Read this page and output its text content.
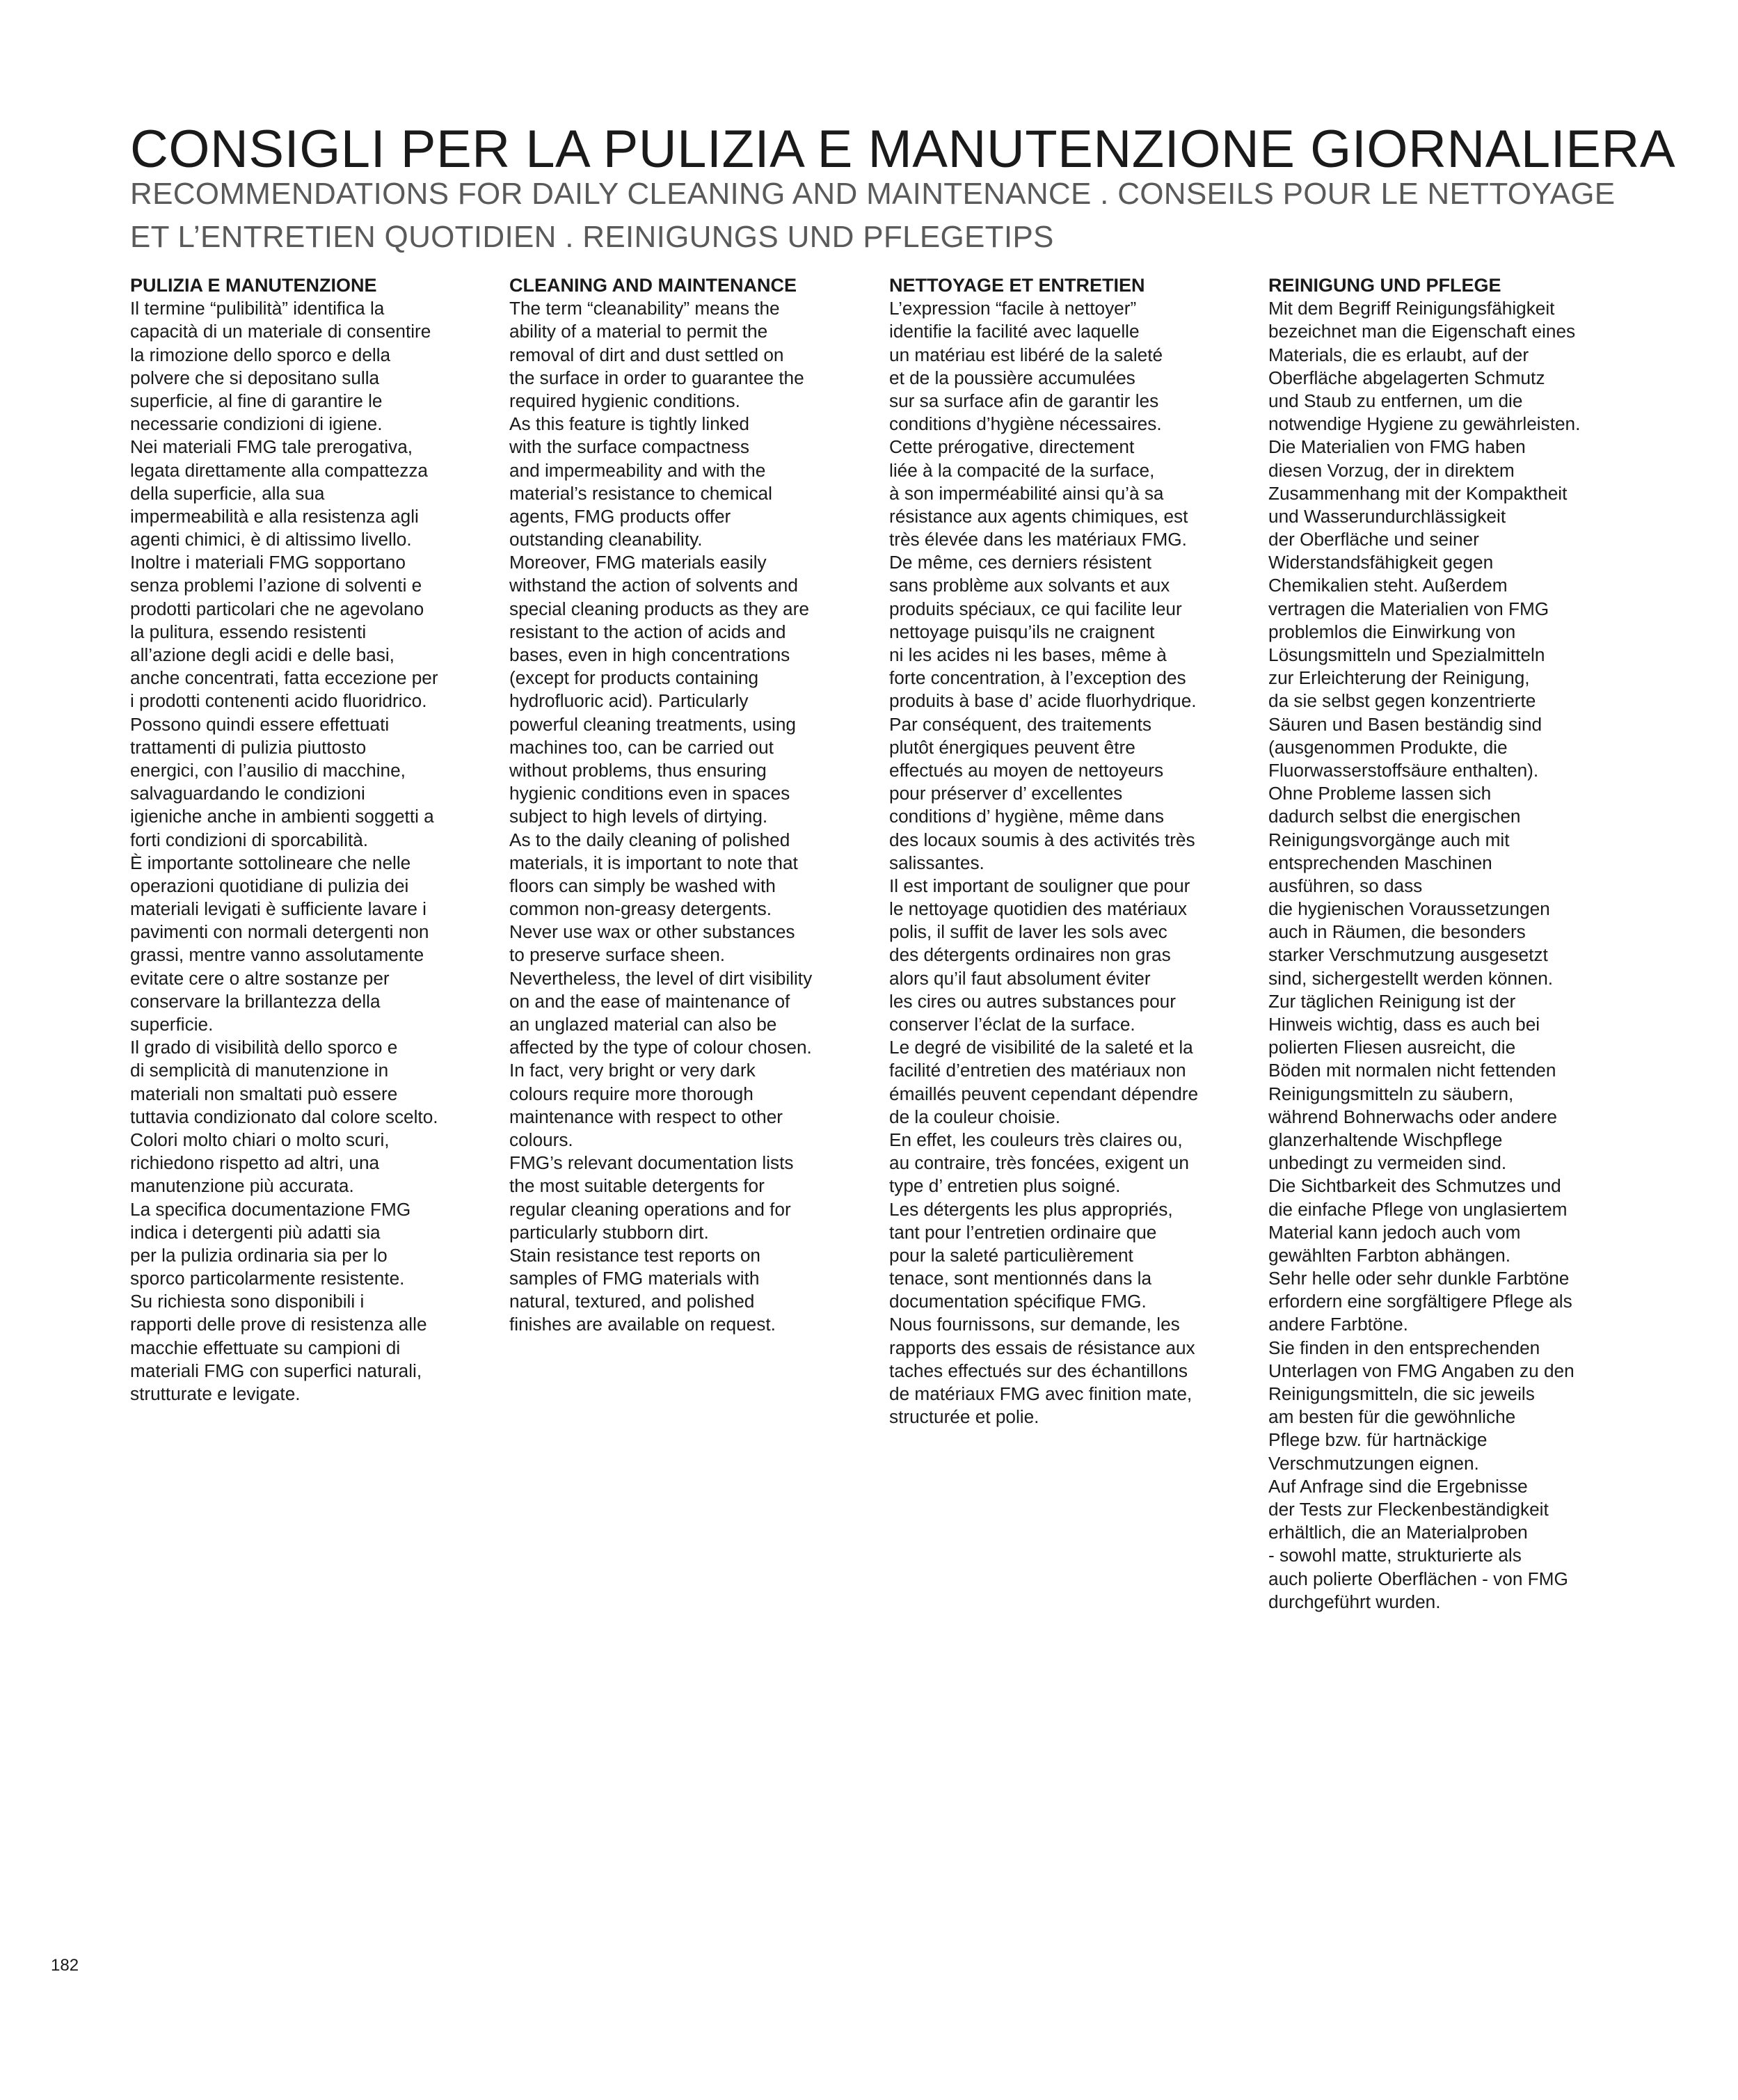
CONSIGLI PER LA PULIZIA E MANUTENZIONE GIORNALIERA
RECOMMENDATIONS FOR DAILY CLEANING AND MAINTENANCE . CONSEILS POUR LE NETTOYAGE
ET L’ENTRETIEN QUOTIDIEN . REINIGUNGS UND PFLEGETIPS
PULIZIA E MANUTENZIONE
Il termine “pulibilità” identifica la
capacità di un materiale di consentire
la rimozione dello sporco e della
polvere che si depositano sulla
superficie, al fine di garantire le
necessarie condizioni di igiene.
Nei materiali FMG tale prerogativa,
legata direttamente alla compattezza
della superficie, alla sua
impermeabilità e alla resistenza agli
agenti chimici, è di altissimo livello.
Inoltre i materiali FMG sopportano
senza problemi l’azione di solventi e
prodotti particolari che ne agevolano
la pulitura, essendo resistenti
all’azione degli acidi e delle basi,
anche concentrati, fatta eccezione per
i prodotti contenenti acido fluoridrico.
Possono quindi essere effettuati
trattamenti di pulizia piuttosto
energici, con l’ausilio di macchine,
salvaguardando le condizioni
igieniche anche in ambienti soggetti a
forti condizioni di sporcabilità.
È importante sottolineare che nelle
operazioni quotidiane di pulizia dei
materiali levigati è sufficiente lavare i
pavimenti con normali detergenti non
grassi, mentre vanno assolutamente
evitate cere o altre sostanze per
conservare la brillantezza della
superficie.
Il grado di visibilità dello sporco e
di semplicità di manutenzione in
materiali non smaltati può essere
tuttavia condizionato dal colore scelto.
Colori molto chiari o molto scuri,
richiedono rispetto ad altri, una
manutenzione più accurata.
La specifica documentazione FMG
indica i detergenti più adatti sia
per la pulizia ordinaria sia per lo
sporco particolarmente resistente.
Su richiesta sono disponibili i
rapporti delle prove di resistenza alle
macchie effettuate su campioni di
materiali FMG con superfici naturali,
strutturate e levigate.
CLEANING AND MAINTENANCE
The term “cleanability” means the
ability of a material to permit the
removal of dirt and dust settled on
the surface in order to guarantee the
required hygienic conditions.
As this feature is tightly linked
with the surface compactness
and impermeability and with the
material’s resistance to chemical
agents, FMG products offer
outstanding cleanability.
Moreover, FMG materials easily
withstand the action of solvents and
special cleaning products as they are
resistant to the action of acids and
bases, even in high concentrations
(except for products containing
hydrofluoric acid). Particularly
powerful cleaning treatments, using
machines too, can be carried out
without problems, thus ensuring
hygienic conditions even in spaces
subject to high levels of dirtying.
As to the daily cleaning of polished
materials, it is important to note that
floors can simply be washed with
common non-greasy detergents.
Never use wax or other substances
to preserve surface sheen.
Nevertheless, the level of dirt visibility
on and the ease of maintenance of
an unglazed material can also be
affected by the type of colour chosen.
In fact, very bright or very dark
colours require more thorough
maintenance with respect to other
colours.
FMG’s relevant documentation lists
the most suitable detergents for
regular cleaning operations and for
particularly stubborn dirt.
Stain resistance test reports on
samples of FMG materials with
natural, textured, and polished
finishes are available on request.
NETTOYAGE ET ENTRETIEN
L’expression “facile à nettoyer”
identifie la facilité avec laquelle
un matériau est libéré de la saleté
et de la poussière accumulées
sur sa surface afin de garantir les
conditions d’hygiène nécessaires.
Cette prérogative, directement
liée à la compacité de la surface,
à son imperméabilité ainsi qu’à sa
résistance aux agents chimiques, est
très élevée dans les matériaux FMG.
De même, ces derniers résistent
sans problème aux solvants et aux
produits spéciaux, ce qui facilite leur
nettoyage puisqu’ils ne craignent
ni les acides ni les bases, même à
forte concentration, à l’exception des
produits à base d’ acide fluorhydrique.
Par conséquent, des traitements
plutôt énergiques peuvent être
effectués au moyen de nettoyeurs
pour préserver d’ excellentes
conditions d’ hygiène, même dans
des locaux soumis à des activités très
salissantes.
Il est important de souligner que pour
le nettoyage quotidien des matériaux
polis, il suffit de laver les sols avec
des détergents ordinaires non gras
alors qu’il faut absolument éviter
les cires ou autres substances pour
conserver l’éclat de la surface.
Le degré de visibilité de la saleté et la
facilité d’entretien des matériaux non
émaillés peuvent cependant dépendre
de la couleur choisie.
En effet, les couleurs très claires ou,
au contraire, très foncées, exigent un
type d’ entretien plus soigné.
Les détergents les plus appropriés,
tant pour l’entretien ordinaire que
pour la saleté particulièrement
tenace, sont mentionnés dans la
documentation spécifique FMG.
Nous fournissons, sur demande, les
rapports des essais de résistance aux
taches effectués sur des échantillons
de matériaux FMG avec finition mate,
structurée et polie.
REINIGUNG UND PFLEGE
Mit dem Begriff Reinigungsfähigkeit
bezeichnet man die Eigenschaft eines
Materials, die es erlaubt, auf der
Oberfläche abgelagerten Schmutz
und Staub zu entfernen, um die
notwendige Hygiene zu gewährleisten.
Die Materialien von FMG haben
diesen Vorzug, der in direktem
Zusammenhang mit der Kompaktheit
und Wasserundurchlässigkeit
der Oberfläche und seiner
Widerstandsfähigkeit gegen
Chemikalien steht. Außerdem
vertragen die Materialien von FMG
problemlos die Einwirkung von
Lösungsmitteln und Spezialmitteln
zur Erleichterung der Reinigung,
da sie selbst gegen konzentrierte
Säuren und Basen beständig sind
(ausgenommen Produkte, die
Fluorwasserstoffsäure enthalten).
Ohne Probleme lassen sich
dadurch selbst die energischen
Reinigungsvorgänge auch mit
entsprechenden Maschinen
ausführen, so dass
die hygienischen Voraussetzungen
auch in Räumen, die besonders
starker Verschmutzung ausgesetzt
sind, sichergestellt werden können.
Zur täglichen Reinigung ist der
Hinweis wichtig, dass es auch bei
polierten Fliesen ausreicht, die
Böden mit normalen nicht fettenden
Reinigungsmitteln zu säubern,
während Bohnerwachs oder andere
glanzerhaltende Wischpflege
unbedingt zu vermeiden sind.
Die Sichtbarkeit des Schmutzes und
die einfache Pflege von unglasiertem
Material kann jedoch auch vom
gewählten Farbton abhängen.
Sehr helle oder sehr dunkle Farbtöne
erfordern eine sorgfältigere Pflege als
andere Farbtöne.
Sie finden in den entsprechenden
Unterlagen von FMG Angaben zu den
Reinigungsmitteln, die sic jeweils
am besten für die gewöhnliche
Pflege bzw. für hartnäckige
Verschmutzungen eignen.
Auf Anfrage sind die Ergebnisse
der Tests zur Fleckenbeständigkeit
erhältlich, die an Materialproben
- sowohl matte, strukturierte als
auch polierte Oberflächen - von FMG
durchgeführt wurden.
182
